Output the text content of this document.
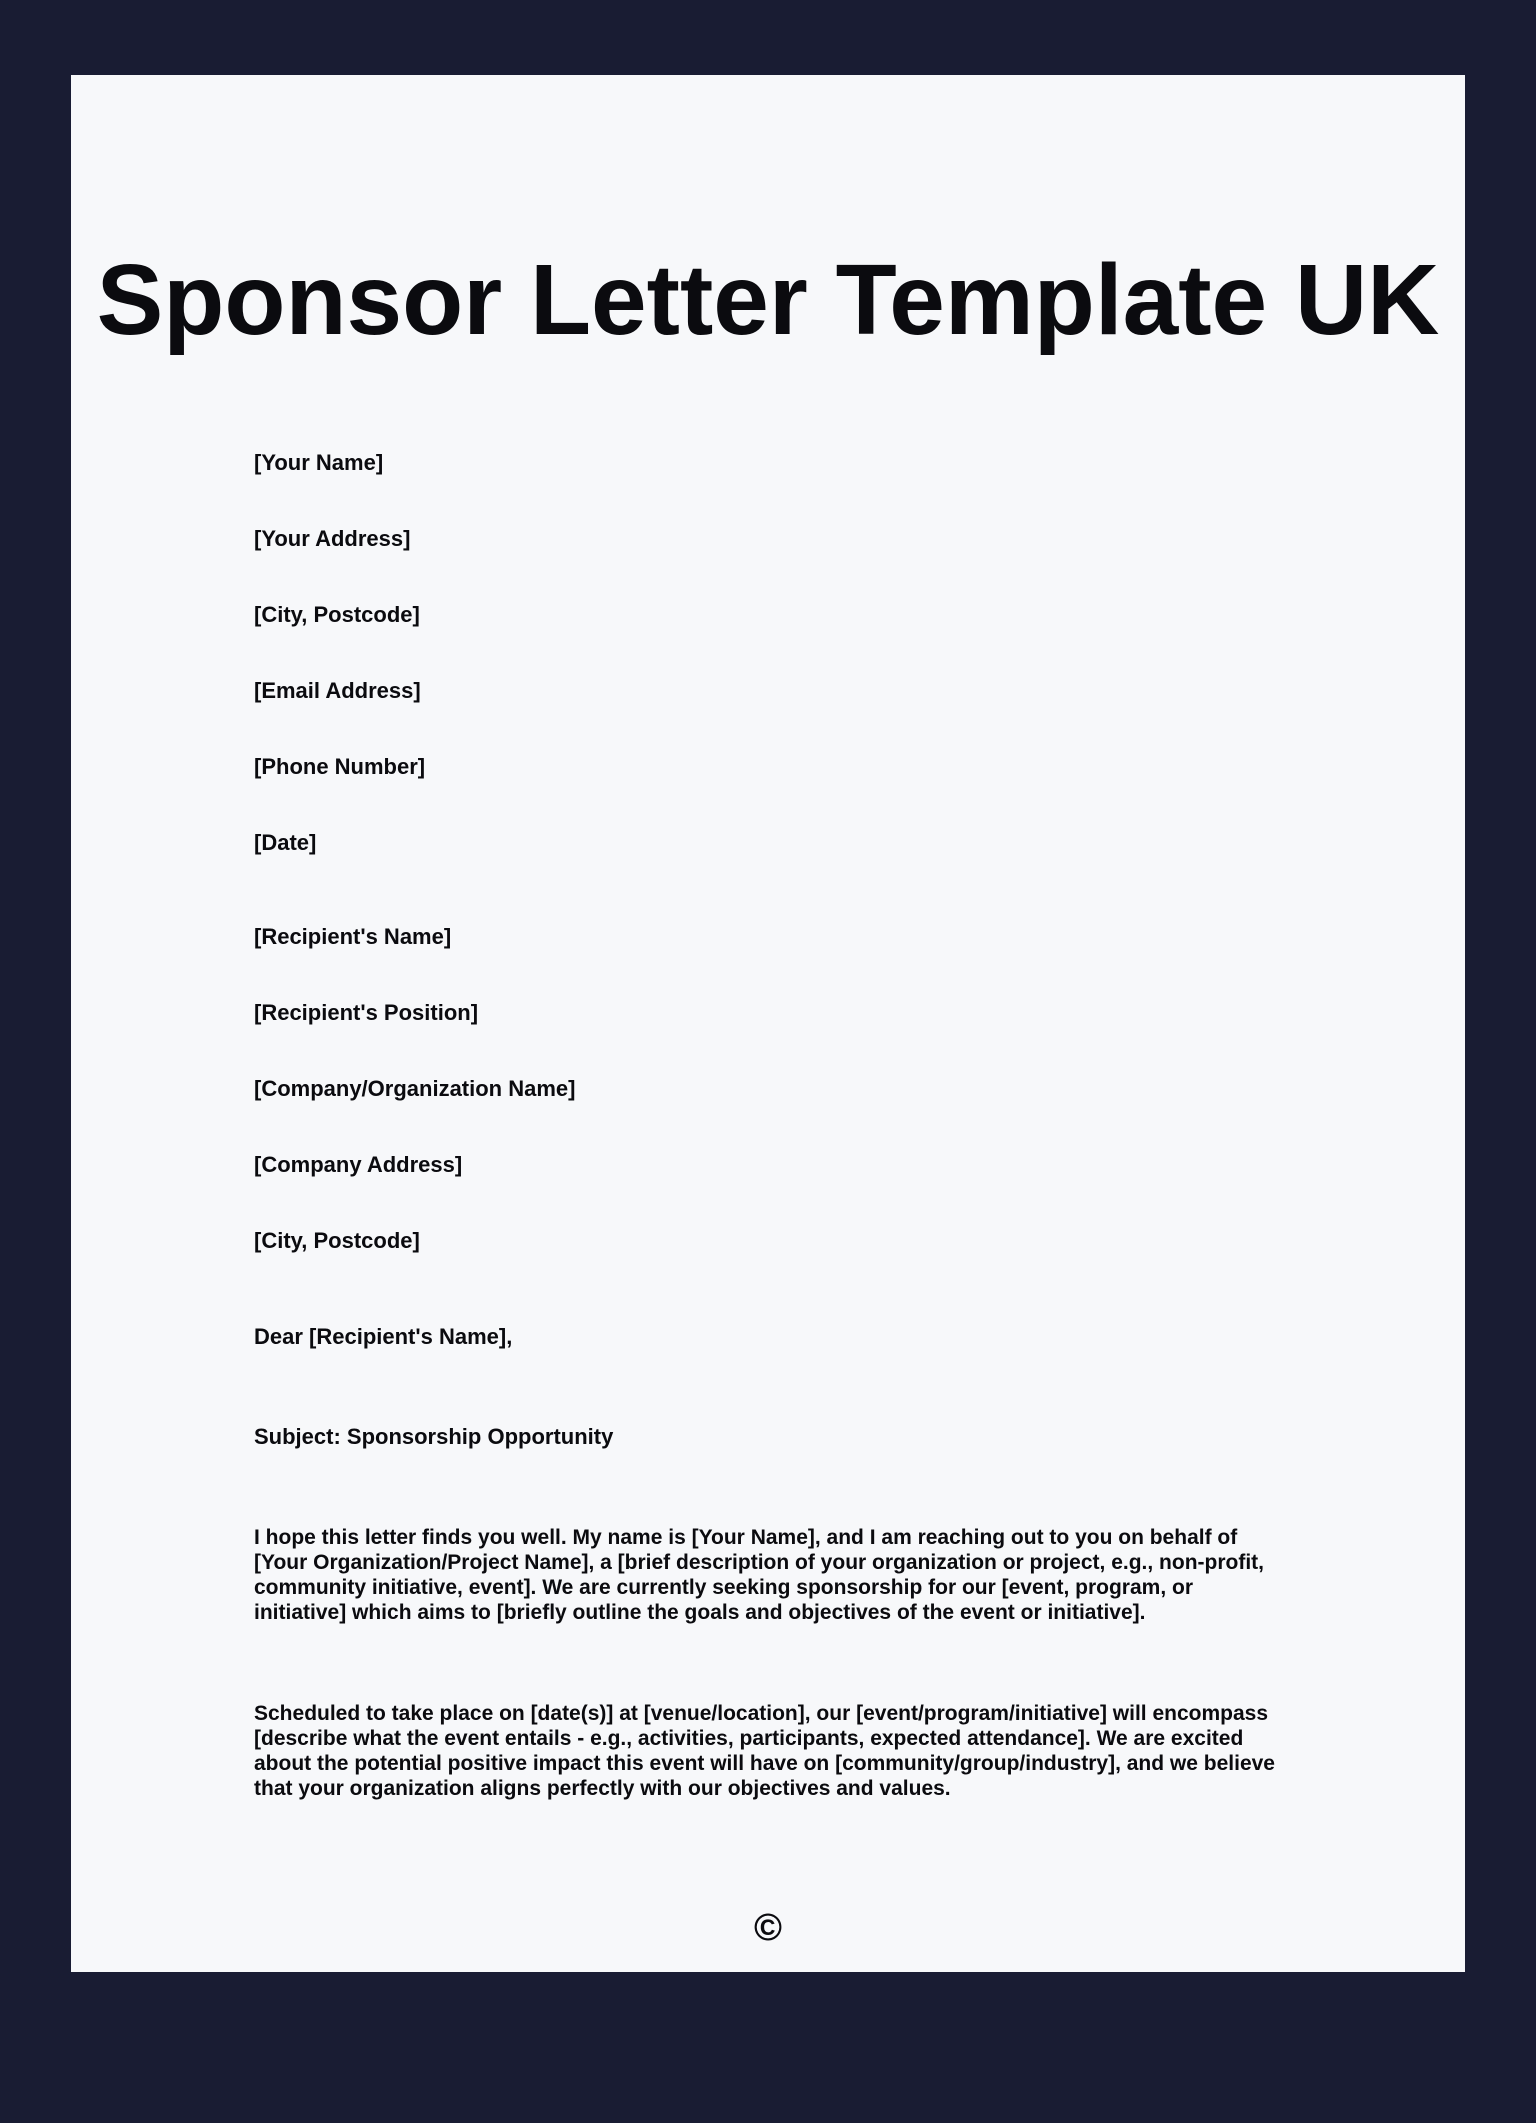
Sponsor Letter Template UK
[Your Name]
[Your Address]
[City, Postcode]
[Email Address]
[Phone Number]
[Date]
[Recipient's Name]
[Recipient's Position]
[Company/Organization Name]
[Company Address]
[City, Postcode]
Dear [Recipient's Name],
Subject: Sponsorship Opportunity

I hope this letter finds you well. My name is [Your Name], and I am reaching out to you on behalf of [Your Organization/Project Name], a [brief description of your organization or project, e.g., non-profit, community initiative, event]. We are currently seeking sponsorship for our [event, program, or initiative] which aims to [briefly outline the goals and objectives of the event or initiative].

Scheduled to take place on [date(s)] at [venue/location], our [event/program/initiative] will encompass [describe what the event entails - e.g., activities, participants, expected attendance]. We are excited about the potential positive impact this event will have on [community/group/industry], and we believe that your organization aligns perfectly with our objectives and values.

©
